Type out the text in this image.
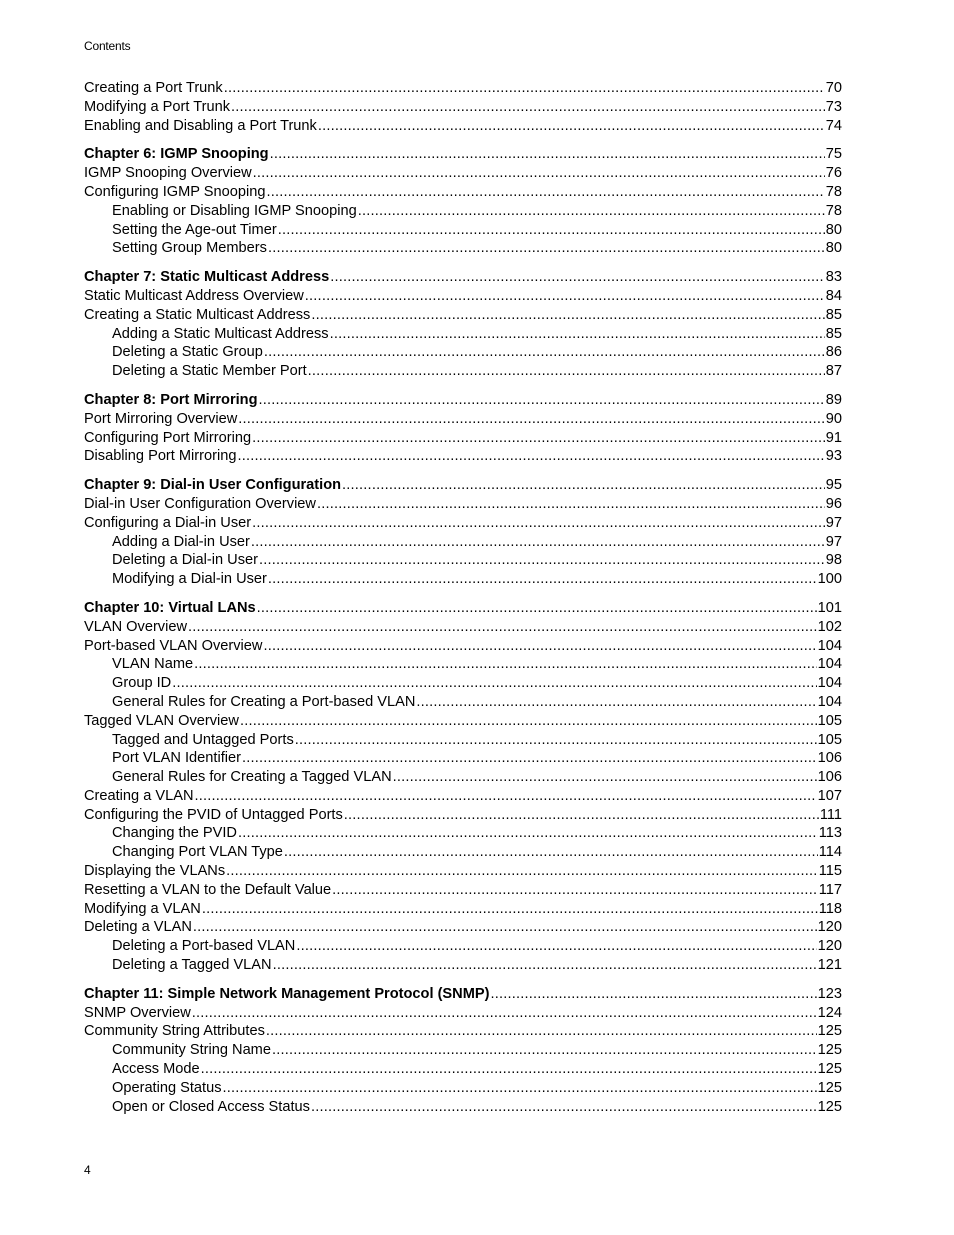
Contents
Creating a Port Trunk .....	70
Modifying a Port Trunk .....	73
Enabling and Disabling a Port Trunk .....	74
Chapter 6: IGMP Snooping .....	75
IGMP Snooping Overview .....	76
Configuring IGMP Snooping .....	78
Enabling or Disabling IGMP Snooping .....	78
Setting the Age-out Timer .....	80
Setting Group Members .....	80
Chapter 7: Static Multicast Address .....	83
Static Multicast Address Overview .....	84
Creating a Static Multicast Address .....	85
Adding a Static Multicast Address .....	85
Deleting a Static Group .....	86
Deleting a Static Member Port .....	87
Chapter 8: Port Mirroring .....	89
Port Mirroring Overview .....	90
Configuring Port Mirroring .....	91
Disabling Port Mirroring .....	93
Chapter 9: Dial-in User Configuration .....	95
Dial-in User Configuration Overview .....	96
Configuring a Dial-in User .....	97
Adding a Dial-in User .....	97
Deleting a Dial-in User .....	98
Modifying a Dial-in User .....	100
Chapter 10: Virtual LANs .....	101
VLAN Overview .....	102
Port-based VLAN Overview .....	104
VLAN Name .....	104
Group ID .....	104
General Rules for Creating a Port-based VLAN .....	104
Tagged VLAN Overview .....	105
Tagged and Untagged Ports .....	105
Port VLAN Identifier .....	106
General Rules for Creating a Tagged VLAN .....	106
Creating a VLAN .....	107
Configuring the PVID of Untagged Ports .....	111
Changing the PVID .....	113
Changing Port VLAN Type .....	114
Displaying the VLANs .....	115
Resetting a VLAN to the Default Value .....	117
Modifying a VLAN .....	118
Deleting a VLAN .....	120
Deleting a Port-based VLAN .....	120
Deleting a Tagged VLAN .....	121
Chapter 11: Simple Network Management Protocol (SNMP) .....	123
SNMP Overview .....	124
Community String Attributes .....	125
Community String Name .....	125
Access Mode .....	125
Operating Status .....	125
Open or Closed Access Status .....	125
4
